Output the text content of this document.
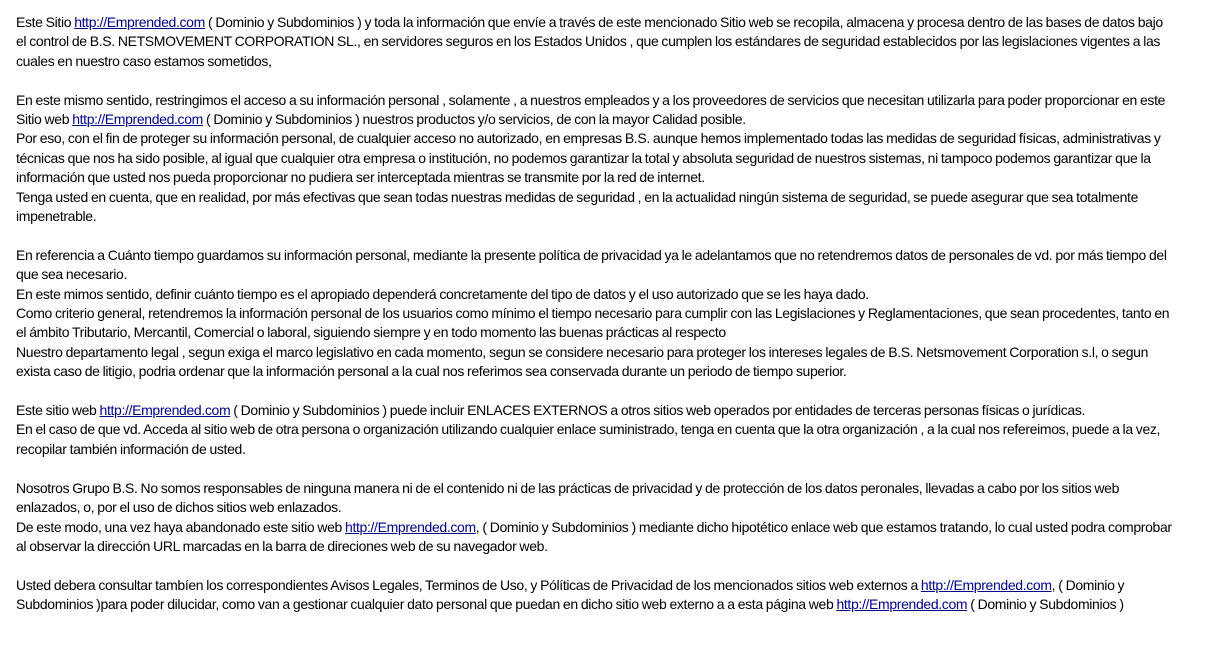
Este Sitio http://Emprended.com ( Dominio y Subdominios ) y toda la información que envíe a través de este mencionado Sitio web se recopila, almacena y procesa dentro de las bases de datos bajo el control de B.S. NETSMOVEMENT CORPORATION SL., en servidores seguros en los Estados Unidos , que cumplen los estándares de seguridad establecidos por las legislaciones vigentes a las cuales en nuestro caso estamos sometidos,
En este mismo sentido, restringimos el acceso a su información personal , solamente , a nuestros empleados y a los proveedores de servicios que necesitan utilizarla para poder proporcionar en este Sitio web http://Emprended.com ( Dominio y Subdominios ) nuestros productos y/o servicios, de con la mayor Calidad posible.
Por eso, con el fin de proteger su información personal, de cualquier acceso no autorizado, en empresas B.S. aunque hemos implementado todas las medidas de seguridad físicas, administrativas y técnicas que nos ha sido posible, al igual que cualquier otra empresa o institución, no podemos garantizar la total y absoluta seguridad de nuestros sistemas, ni tampoco podemos garantizar que la información que usted nos pueda proporcionar no pudiera ser interceptada mientras se transmite por la red de internet.
Tenga usted en cuenta, que en realidad, por más efectivas que sean todas nuestras medidas de seguridad , en la actualidad ningún sistema de seguridad, se puede asegurar que sea totalmente impenetrable.
En referencia a Cuánto tiempo guardamos su información personal, mediante la presente política de privacidad ya le adelantamos que no retendremos datos de personales de vd. por más tiempo del que sea necesario.
En este mimos sentido, definir cuánto tiempo es el apropiado dependerá concretamente del tipo de datos y el uso autorizado que se les haya dado.
Como criterio general, retendremos la información personal de los usuarios como mínimo el tiempo necesario para cumplir con las Legislaciones y Reglamentaciones, que sean procedentes, tanto en el ámbito Tributario, Mercantil, Comercial o laboral, siguiendo siempre y en todo momento las buenas prácticas al respecto
Nuestro departamento legal , segun exiga el marco legislativo en cada momento, segun se considere necesario para proteger los intereses legales de B.S. Netsmovement Corporation s.l, o segun exista caso de litigio, podria ordenar que la información personal a la cual nos referimos sea conservada durante un periodo de tiempo superior.
Este sitio web http://Emprended.com ( Dominio y Subdominios ) puede incluir ENLACES EXTERNOS a otros sitios web operados por entidades de terceras personas físicas o jurídicas.
En el caso de que vd. Acceda al sitio web de otra persona o organización utilizando cualquier enlace suministrado, tenga en cuenta que la otra organización , a la cual nos refereimos, puede a la vez, recopilar también información de usted.
Nosotros Grupo B.S. No somos responsables de ninguna manera ni de el contenido ni de las prácticas de privacidad y de protección de los datos peronales, llevadas a cabo por los sitios web enlazados, o, por el uso de dichos sitios web enlazados.
De este modo, una vez haya abandonado este sitio web http://Emprended.com, ( Dominio y Subdominios ) mediante dicho hipotético enlace web que estamos tratando, lo cual usted podra comprobar al observar la dirección URL marcadas en la barra de direciones web de su navegador web.
Usted debera consultar tambíen los correspondientes Avisos Legales, Terminos de Uso, y Pólíticas de Privacidad de los mencionados sitios web externos a http://Emprended.com, ( Dominio y Subdominios )para poder dilucidar, como van a gestionar cualquier dato personal que puedan en dicho sitio web externo a a esta página web http://Emprended.com ( Dominio y Subdominios )
